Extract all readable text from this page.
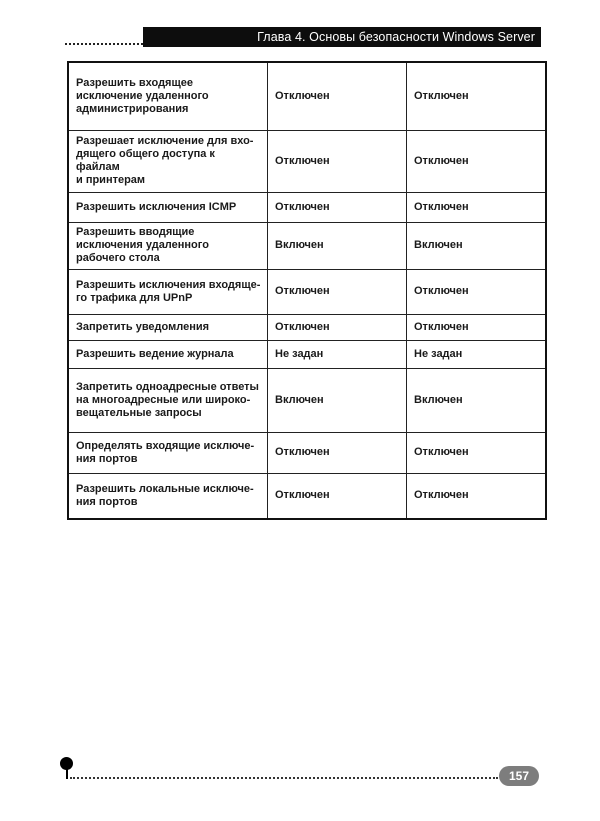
Глава 4. Основы безопасности Windows Server
Разрешить входящее исключение удаленного администрирования	Отключен	Отключен
Разрешает исключение для вхо-
дящего общего доступа к файлам
и принтерам	Отключен	Отключен
Разрешить исключения ICMP	Отключен	Отключен
Разрешить вводящие исключения удаленного рабочего стола	Включен	Включен
Разрешить исключения входяще-
го трафика для UPnP	Отключен	Отключен
Запретить уведомления	Отключен	Отключен
Разрешить ведение журнала	Не задан	Не задан
Запретить одноадресные ответы
на многоадресные или широко-
вещательные запросы	Включен	Включен
Определять входящие исключе-
ния портов	Отключен	Отключен
Разрешить локальные исключе-
ния портов	Отключен	Отключен
157
